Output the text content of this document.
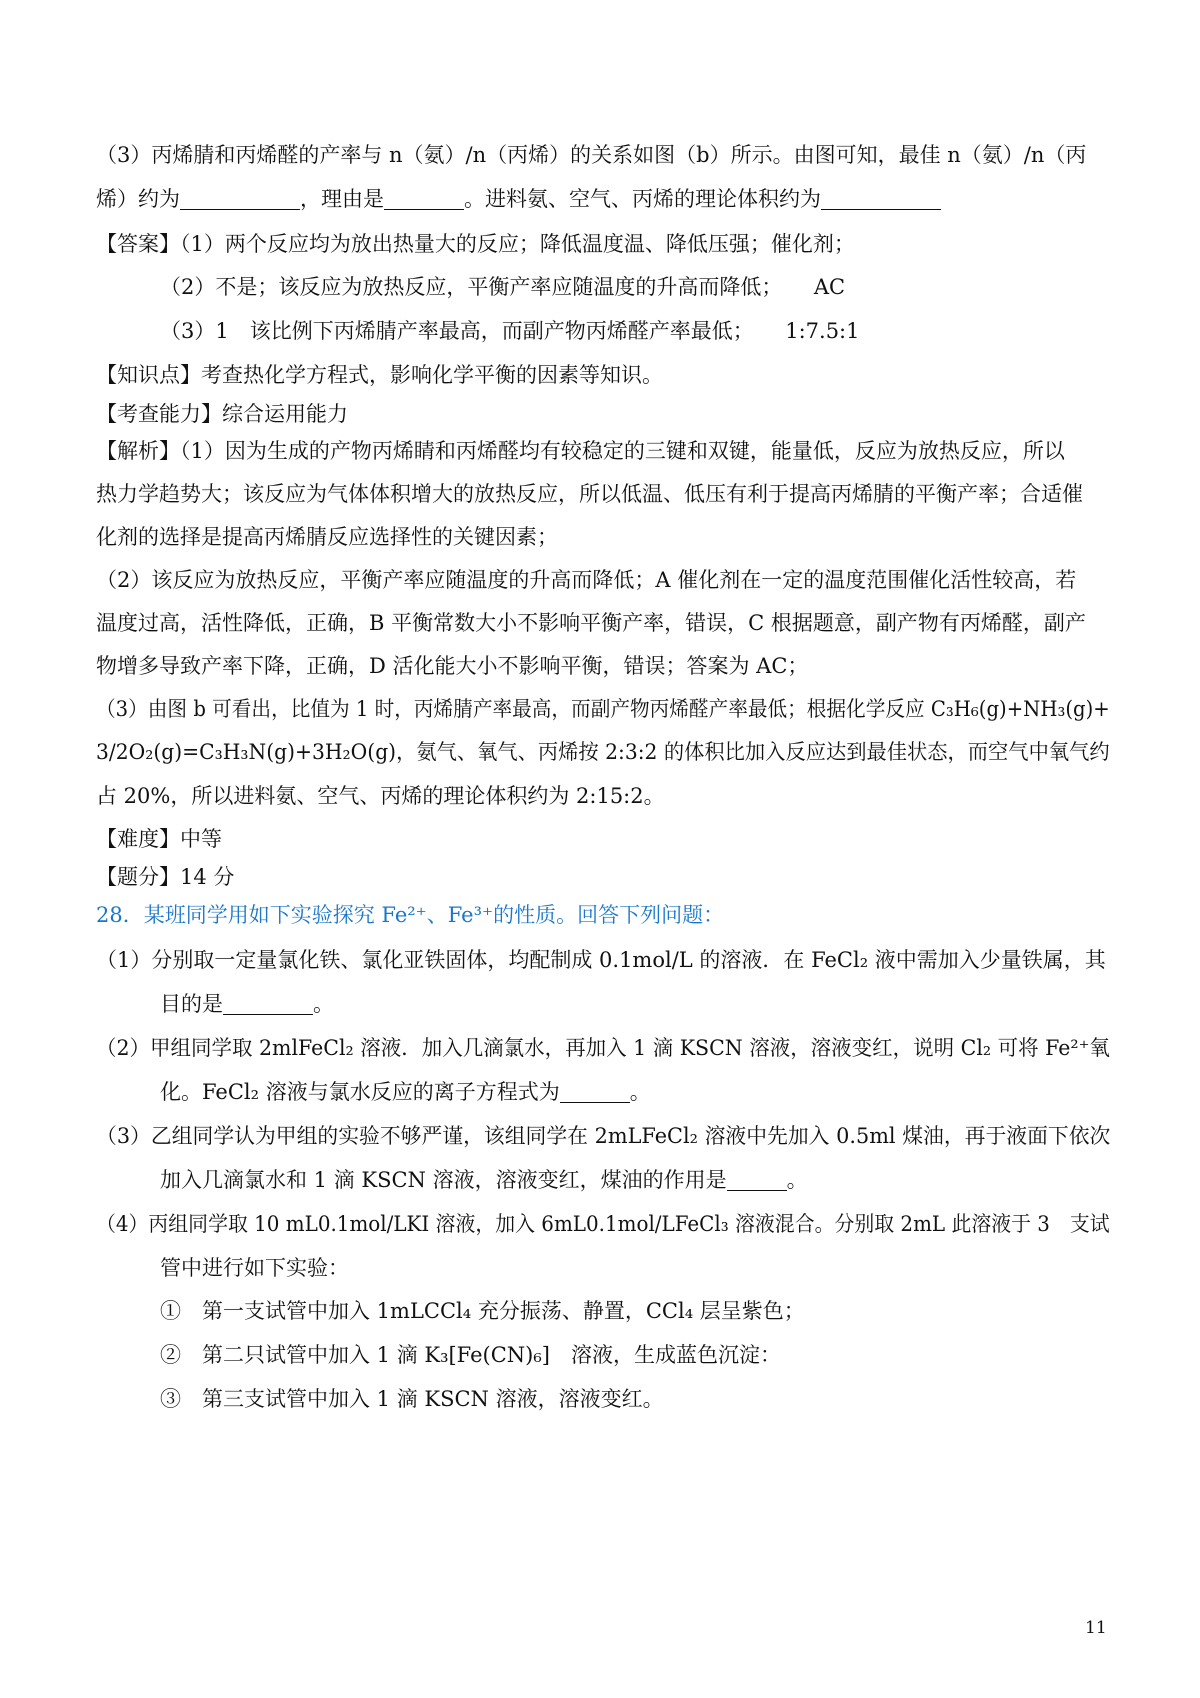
（3）丙烯腈和丙烯醛的产率与 n（氨）/n（丙烯）的关系如图（b）所示。由图可知，最佳 n（氨）/n（丙
烯）约为	，理由是	。进料氨、空气、丙烯的理论体积约为
【答案】（1）两个反应均为放出热量大的反应；降低温度温、降低压强；催化剂；
（2）不是；该反应为放热反应，平衡产率应随温度的升高而降低；　　AC
（3）1　该比例下丙烯腈产率最高，而副产物丙烯醛产率最低；　　1:7.5:1
【知识点】考查热化学方程式，影响化学平衡的因素等知识。
【考查能力】综合运用能力
【解析】（1）因为生成的产物丙烯睛和丙烯醛均有较稳定的三键和双键，能量低，反应为放热反应，所以
热力学趋势大；该反应为气体体积增大的放热反应，所以低温、低压有利于提高丙烯腈的平衡产率；合适催
化剂的选择是提高丙烯腈反应选择性的关键因素；
（2）该反应为放热反应，平衡产率应随温度的升高而降低；A 催化剂在一定的温度范围催化活性较高，若
温度过高，活性降低，正确，B 平衡常数大小不影响平衡产率，错误，C 根据题意，副产物有丙烯醛，副产
物增多导致产率下降，正确，D 活化能大小不影响平衡，错误；答案为 AC；
（3）由图 b 可看出，比值为 1 时，丙烯腈产率最高，而副产物丙烯醛产率最低；根据化学反应 C₃H₆(g)+NH₃(g)+
3/2O₂(g)=C₃H₃N(g)+3H₂O(g)，氨气、氧气、丙烯按 2:3:2 的体积比加入反应达到最佳状态，而空气中氧气约
占 20%，所以进料氨、空气、丙烯的理论体积约为 2:15:2。
【难度】中等
【题分】14 分
28．某班同学用如下实验探究 Fe²⁺、Fe³⁺的性质。回答下列问题：
（1）分别取一定量氯化铁、氯化亚铁固体，均配制成 0.1mol/L 的溶液．在 FeCl₂ 液中需加入少量铁属，其
目的是	。
（2）甲组同学取 2mlFeCl₂ 溶液．加入几滴氯水，再加入 1 滴 KSCN 溶液，溶液变红，说明 Cl₂ 可将 Fe²⁺氧
化。FeCl₂ 溶液与氯水反应的离子方程式为	。
（3）乙组同学认为甲组的实验不够严谨，该组同学在 2mLFeCl₂ 溶液中先加入 0.5ml 煤油，再于液面下依次
加入几滴氯水和 1 滴 KSCN 溶液，溶液变红，煤油的作用是	。
（4）丙组同学取 10 mL0.1mol/LKI 溶液，加入 6mL0.1mol/LFeCl₃ 溶液混合。分别取 2mL 此溶液于 3　支试
管中进行如下实验：
①　第一支试管中加入 1mLCCl₄ 充分振荡、静置，CCl₄ 层呈紫色；
②　第二只试管中加入 1 滴 K₃[Fe(CN)₆]　溶液，生成蓝色沉淀：
③　第三支试管中加入 1 滴 KSCN 溶液，溶液变红。
11
